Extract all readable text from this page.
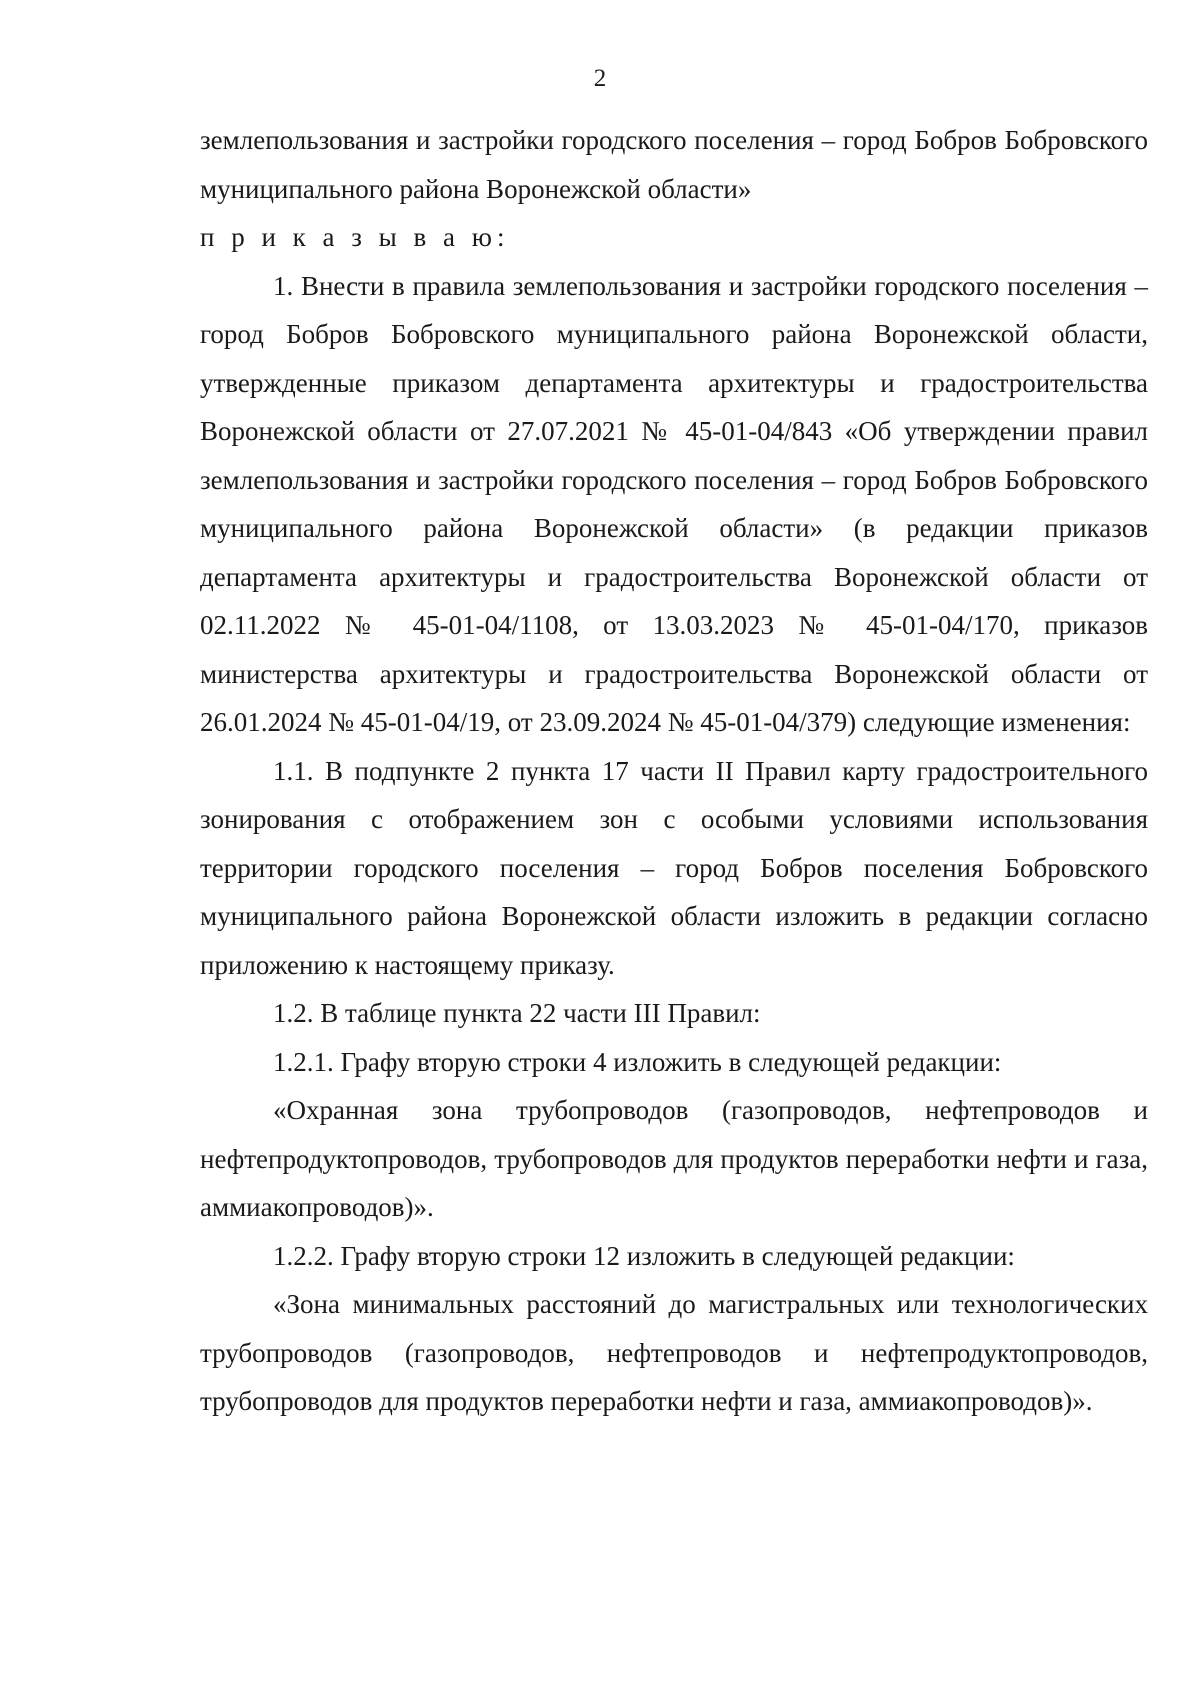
2

землепользования и застройки городского поселения – город Бобров Бобровского муниципального района Воронежской области»

п р и к а з ы в а ю:

1. Внести в правила землепользования и застройки городского поселения – город Бобров Бобровского муниципального района Воронежской области, утвержденные приказом департамента архитектуры и градостроительства Воронежской области от 27.07.2021 № 45-01-04/843 «Об утверждении правил землепользования и застройки городского поселения – город Бобров Бобровского муниципального района Воронежской области» (в редакции приказов департамента архитектуры и градостроительства Воронежской области от 02.11.2022 № 45-01-04/1108, от 13.03.2023 № 45-01-04/170, приказов министерства архитектуры и градостроительства Воронежской области от 26.01.2024 № 45-01-04/19, от 23.09.2024 № 45-01-04/379) следующие изменения:

1.1. В подпункте 2 пункта 17 части II Правил карту градостроительного зонирования с отображением зон с особыми условиями использования территории городского поселения – город Бобров поселения Бобровского муниципального района Воронежской области изложить в редакции согласно приложению к настоящему приказу.

1.2. В таблице пункта 22 части III Правил:

1.2.1. Графу вторую строки 4 изложить в следующей редакции:

«Охранная зона трубопроводов (газопроводов, нефтепроводов и нефтепродуктопроводов, трубопроводов для продуктов переработки нефти и газа, аммиакопроводов)».

1.2.2. Графу вторую строки 12 изложить в следующей редакции:

«Зона минимальных расстояний до магистральных или технологических трубопроводов (газопроводов, нефтепроводов и нефтепродуктопроводов, трубопроводов для продуктов переработки нефти и газа, аммиакопроводов)».
